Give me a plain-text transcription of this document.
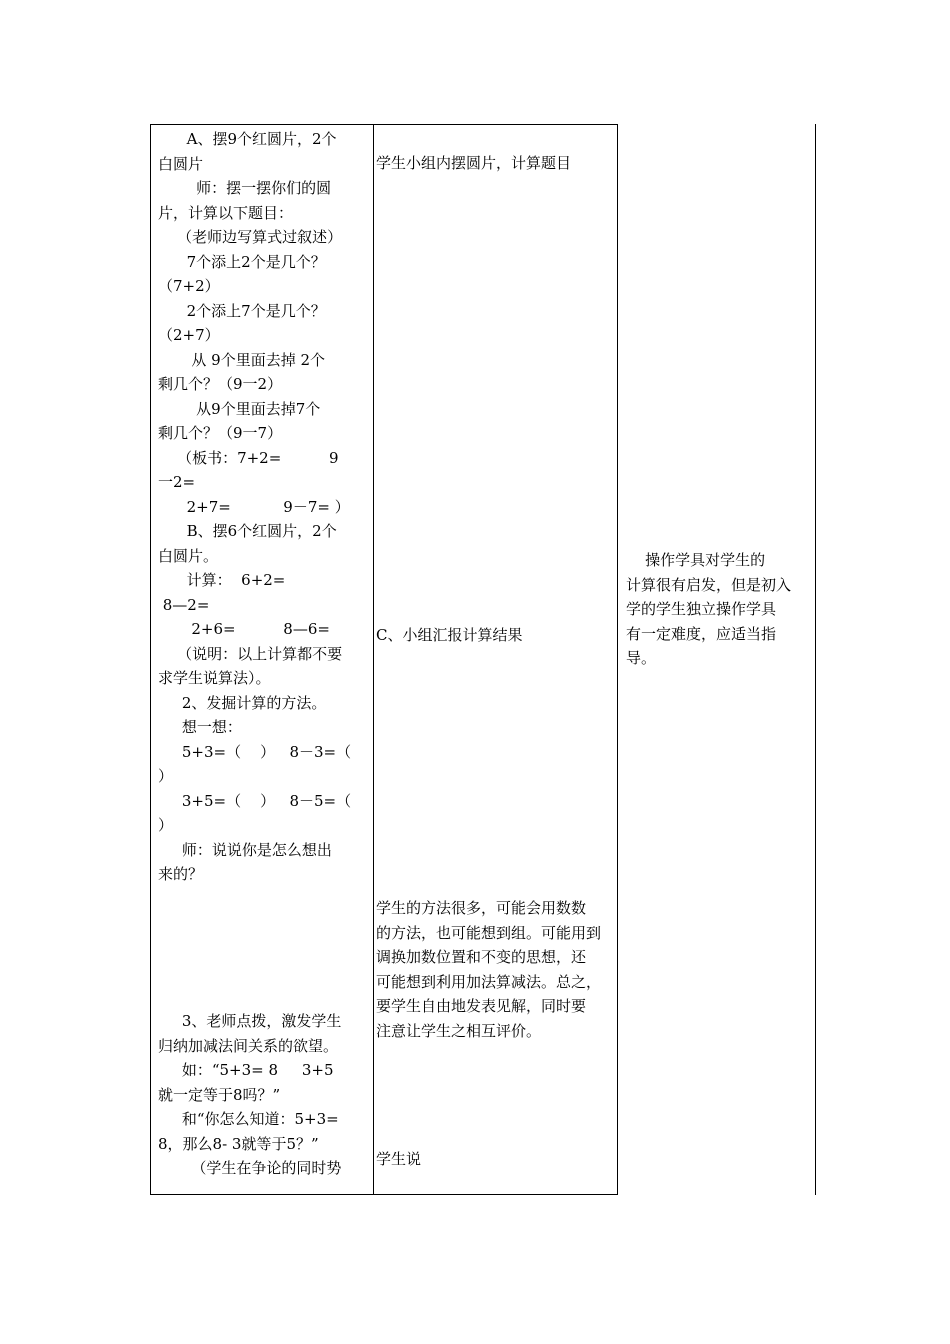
A、摆9个红圆片，2个
白圆片
师：摆一摆你们的圆
片，计算以下题目：
（老师边写算式过叙述）
7个添上2个是几个？
（7+2）
2个添上7个是几个？
（2+7）
从 9个里面去掉 2个
剩几个？（9一2）
从9个里面去掉7个
剩几个？（9一7）
（板书：7+2=          9
一2=
2+7=           9－7= ）
B、摆6个红圆片，2个
白圆片。
计算：  6+2=
8—2=
2+6=          8—6=
（说明：以上计算都不要
求学生说算法）。
2、发掘计算的方法。
想一想：
5+3=（    ）   8－3=（
）
3+5=（    ）   8－5=（
）
师：说说你是怎么想出
来的？
3、老师点拨，激发学生
归纳加减法间关系的欲望。
如：“5+3= 8     3+5
就一定等于8吗？”
和“你怎么知道：5+3=
8，那么8- 3就等于5？”
（学生在争论的同时势
学生小组内摆圆片，计算题目
C、小组汇报计算结果
学生的方法很多，可能会用数数
的方法，也可能想到组。可能用到
调换加数位置和不变的思想，还
可能想到利用加法算减法。总之，
要学生自由地发表见解，同时要
注意让学生之相互评价。
学生说
操作学具对学生的
计算很有启发，但是初入
学的学生独立操作学具
有一定难度，应适当指
导。
